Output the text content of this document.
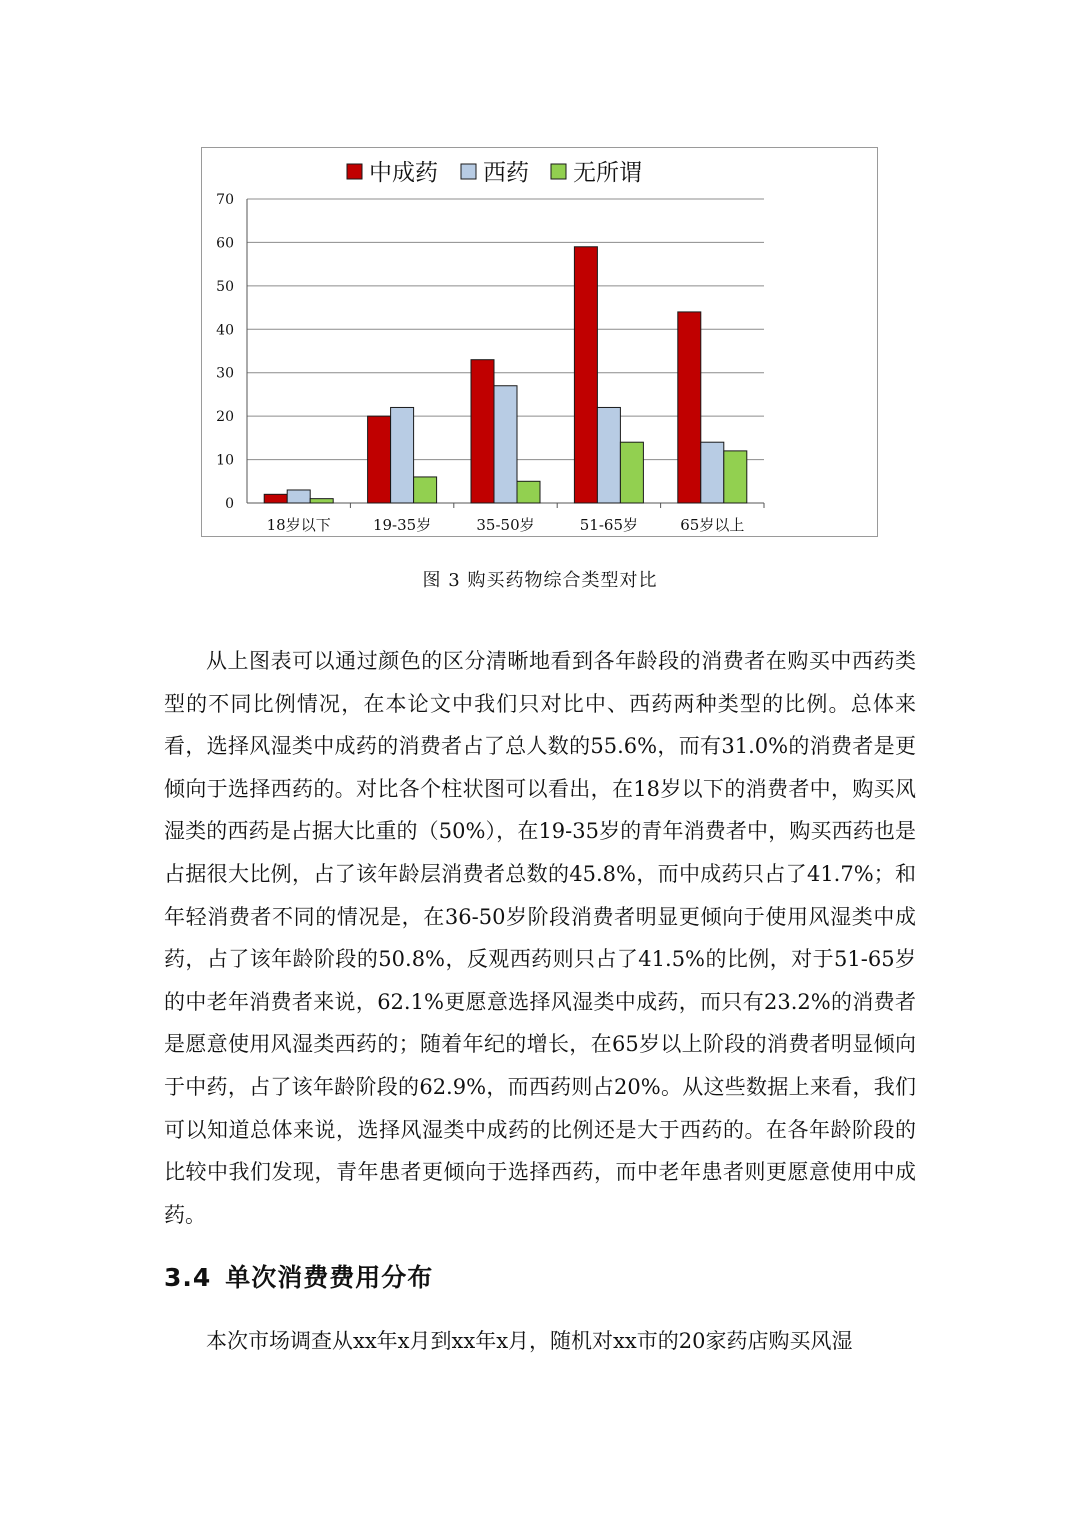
0
10
20
30
40
50
60
70
18岁以下	19-35岁	35-50岁	51-65岁	65岁以上
中成药 西药 无所谓
图 3 购买药物综合类型对比

从上图表可以通过颜色的区分清晰地看到各年龄段的消费者在购买中西药类型的不同比例情况，在本论文中我们只对比中、西药两种类型的比例。总体来看，选择风湿类中成药的消费者占了总人数的55.6%，而有31.0%的消费者是更倾向于选择西药的。对比各个柱状图可以看出，在18岁以下的消费者中，购买风湿类的西药是占据大比重的（50%），在19-35岁的青年消费者中，购买西药也是占据很大比例，占了该年龄层消费者总数的45.8%，而中成药只占了41.7%；和年轻消费者不同的情况是，在36-50岁阶段消费者明显更倾向于使用风湿类中成药，占了该年龄阶段的50.8%，反观西药则只占了41.5%的比例，对于51-65岁的中老年消费者来说，62.1%更愿意选择风湿类中成药，而只有23.2%的消费者是愿意使用风湿类西药的；随着年纪的增长，在65岁以上阶段的消费者明显倾向于中药，占了该年龄阶段的62.9%，而西药则占20%。从这些数据上来看，我们可以知道总体来说，选择风湿类中成药的比例还是大于西药的。在各年龄阶段的比较中我们发现，青年患者更倾向于选择西药，而中老年患者则更愿意使用中成药。

3.4 单次消费费用分布

本次市场调查从xx年x月到xx年x月，随机对xx市的20家药店购买风湿
